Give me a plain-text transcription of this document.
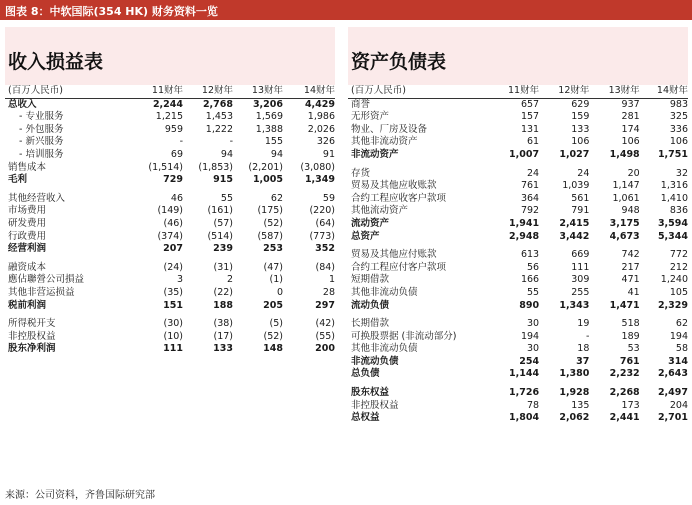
图表 8：中软国际(354 HK) 财务资料一览
收入损益表
(百万人民币)	11财年	12财年	13财年	14财年
总收入	2,244	2,768	3,206	4,429
- 专业服务	1,215	1,453	1,569	1,986
- 外包服务	959	1,222	1,388	2,026
- 新兴服务	-	-	155	326
- 培训服务	69	94	94	91
销售成本	(1,514)	(1,853)	(2,201)	(3,080)
毛利	729	915	1,005	1,349

其他经营收入	46	55	62	59
市场费用	(149)	(161)	(175)	(220)
研发费用	(46)	(57)	(52)	(64)
行政费用	(374)	(514)	(587)	(773)
经营利润	207	239	253	352

融资成本	(24)	(31)	(47)	(84)
應佔聯營公司損益	3	2	(1)	1
其他非营运损益	(35)	(22)	0	28
税前利润	151	188	205	297

所得税开支	(30)	(38)	(5)	(42)
非控股权益	(10)	(17)	(52)	(55)
股东净利润	111	133	148	200
资产负债表
(百万人民币)	11财年	12财年	13财年	14财年
商誉	657	629	937	983
无形资产	157	159	281	325
物业、厂房及设备	131	133	174	336
其他非流动资产	61	106	106	106
非流动资产	1,007	1,027	1,498	1,751

存货	24	24	20	32
贸易及其他应收账款	761	1,039	1,147	1,316
合约工程应收客户款项	364	561	1,061	1,410
其他流动资产	792	791	948	836
流动资产	1,941	2,415	3,175	3,594
总资产	2,948	3,442	4,673	5,344

贸易及其他应付账款	613	669	742	772
合约工程应付客户款项	56	111	217	212
短期借款	166	309	471	1,240
其他非流动负债	55	255	41	105
流动负债	890	1,343	1,471	2,329

长期借款	30	19	518	62
可换股票据 (非流动部分)	194	-	189	194
其他非流动负债	30	18	53	58
非流动负债	254	37	761	314
总负债	1,144	1,380	2,232	2,643

股东权益	1,726	1,928	2,268	2,497
非控股权益	78	135	173	204
总权益	1,804	2,062	2,441	2,701
来源：公司资料，齐鲁国际研究部
